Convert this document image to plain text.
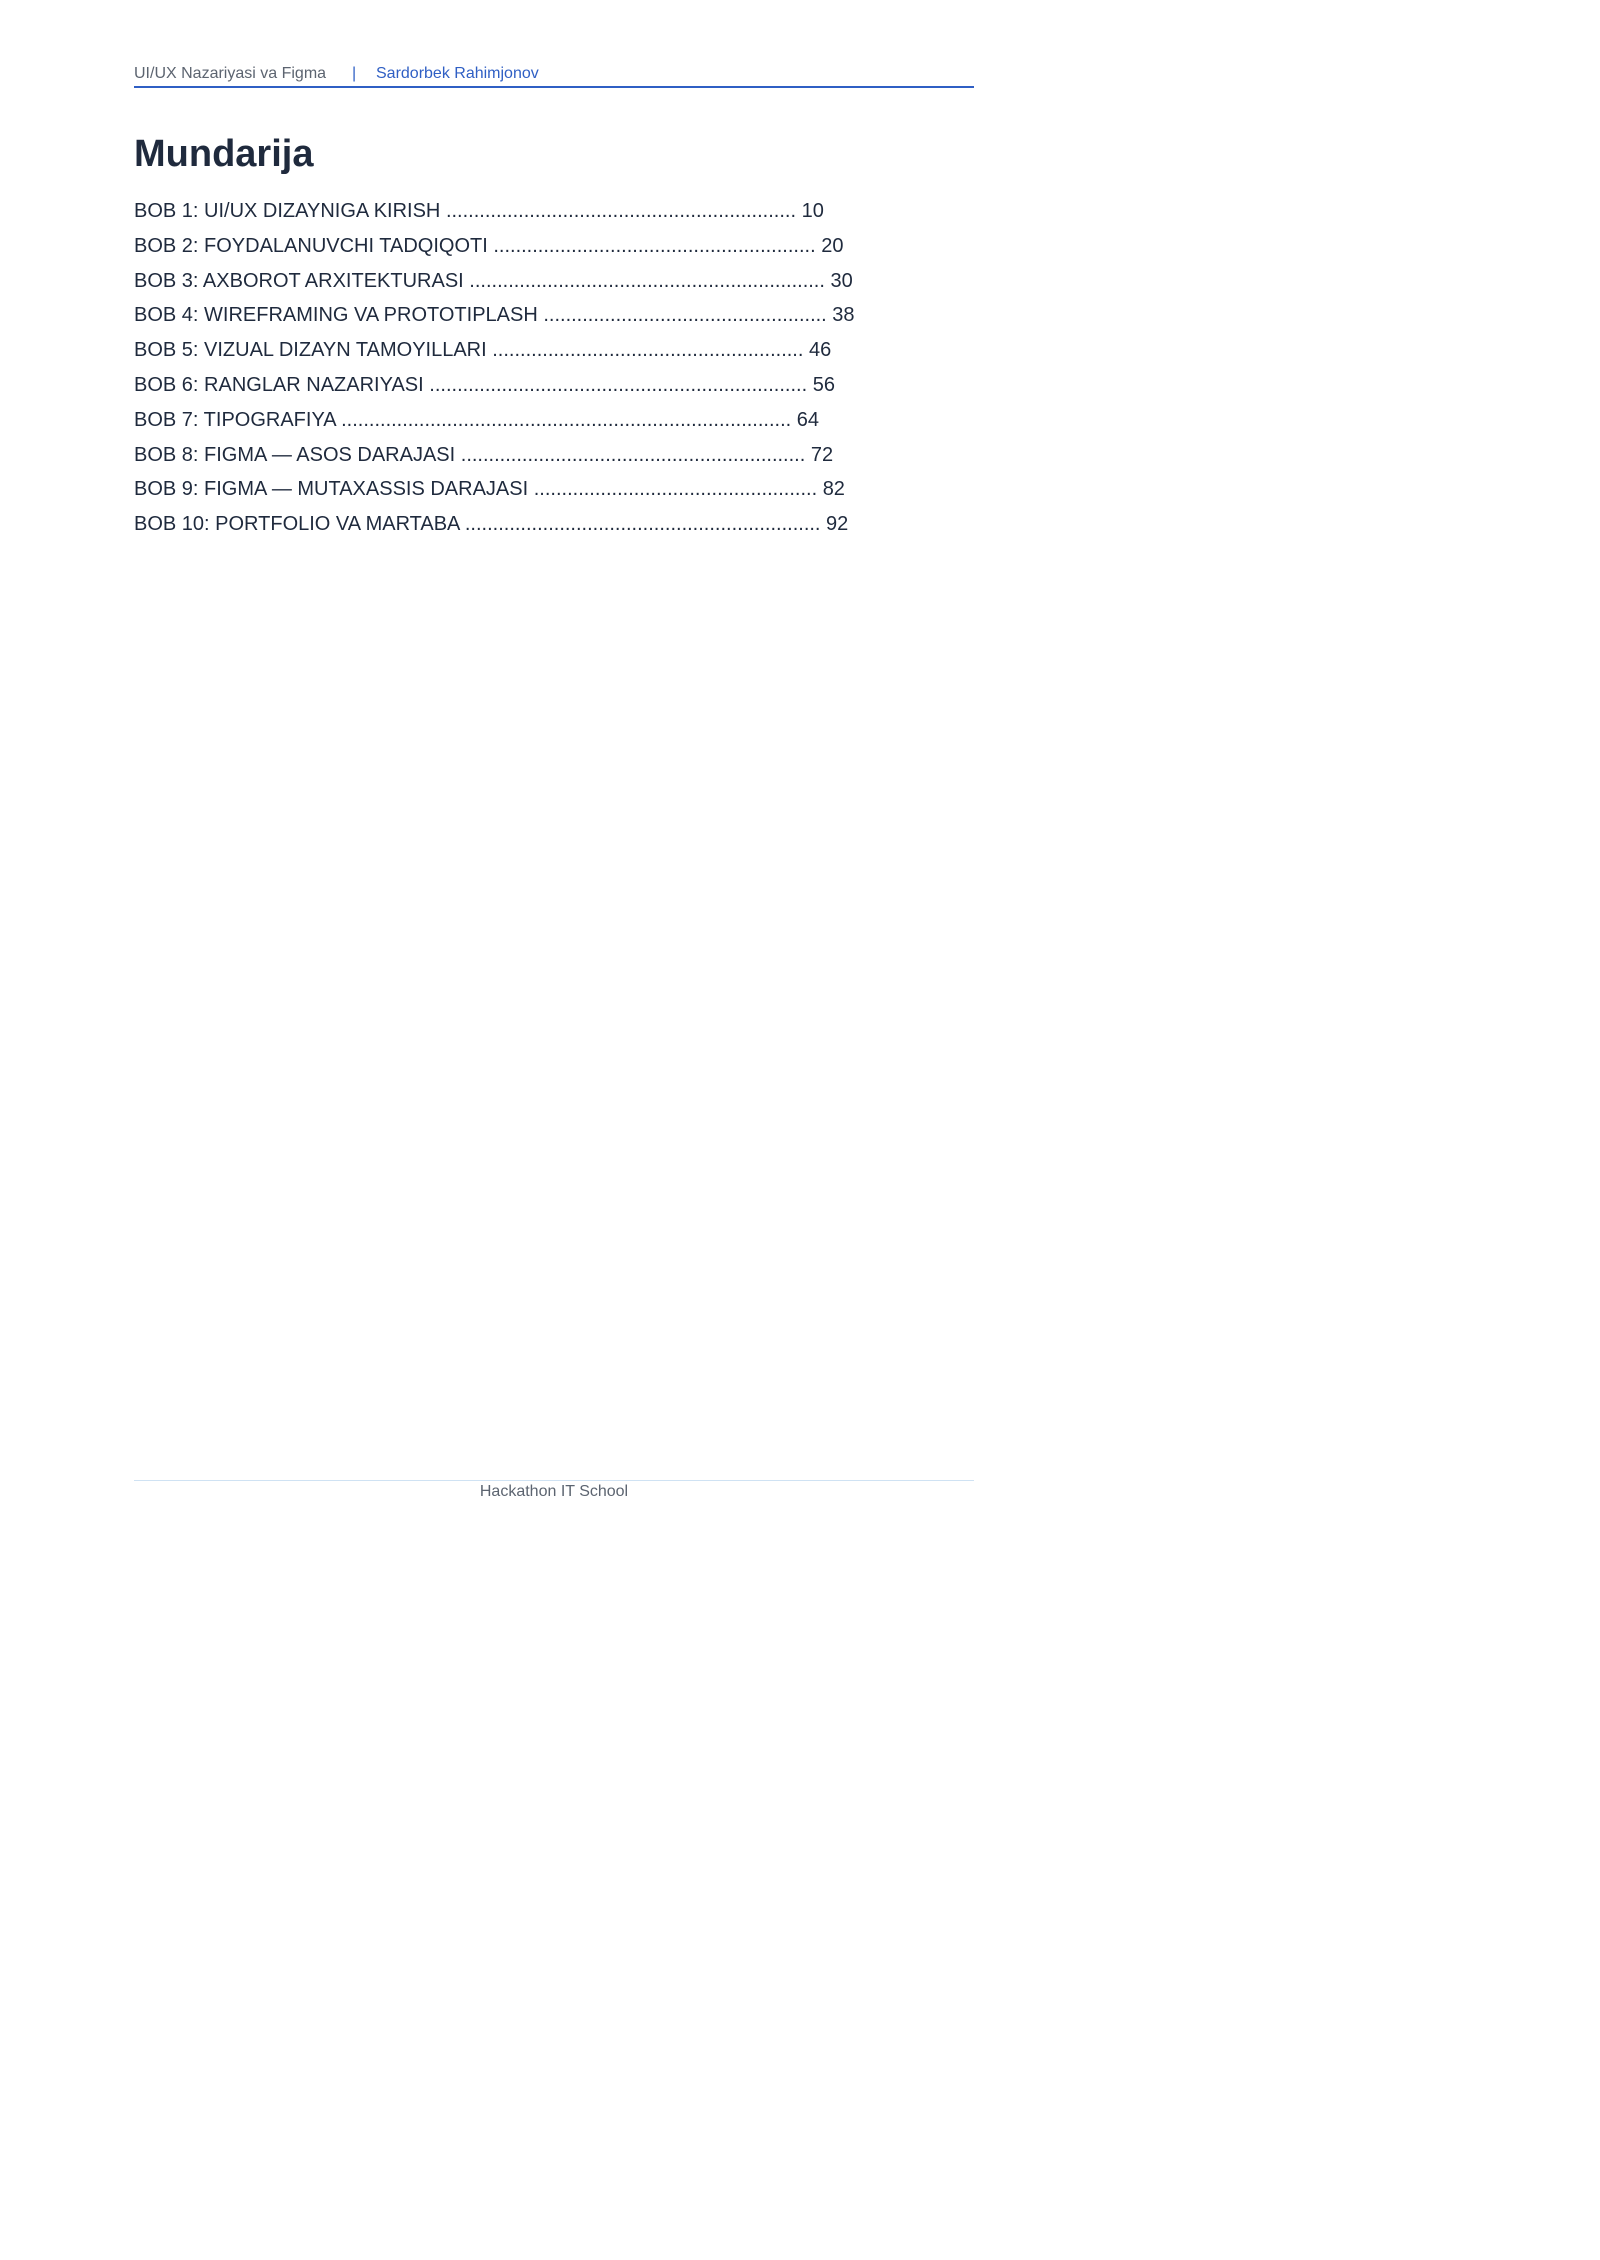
UI/UX Nazariyasi va Figma | Sardorbek Rahimjonov
Mundarija
BOB 1: UI/UX DIZAYNIGA KIRISH ............................................................... 10
BOB 2: FOYDALANUVCHI TADQIQOTI .......................................................... 20
BOB 3: AXBOROT ARXITEKTURASI ................................................................ 30
BOB 4: WIREFRAMING VA PROTOTIPLASH ................................................... 38
BOB 5: VIZUAL DIZAYN TAMOYILLARI ........................................................ 46
BOB 6: RANGLAR NAZARIYASI .................................................................... 56
BOB 7: TIPOGRAFIYA ................................................................................. 64
BOB 8: FIGMA — ASOS DARAJASI .............................................................. 72
BOB 9: FIGMA — MUTAXASSIS DARAJASI ................................................... 82
BOB 10: PORTFOLIO VA MARTABA ................................................................ 92
Hackathon IT School
